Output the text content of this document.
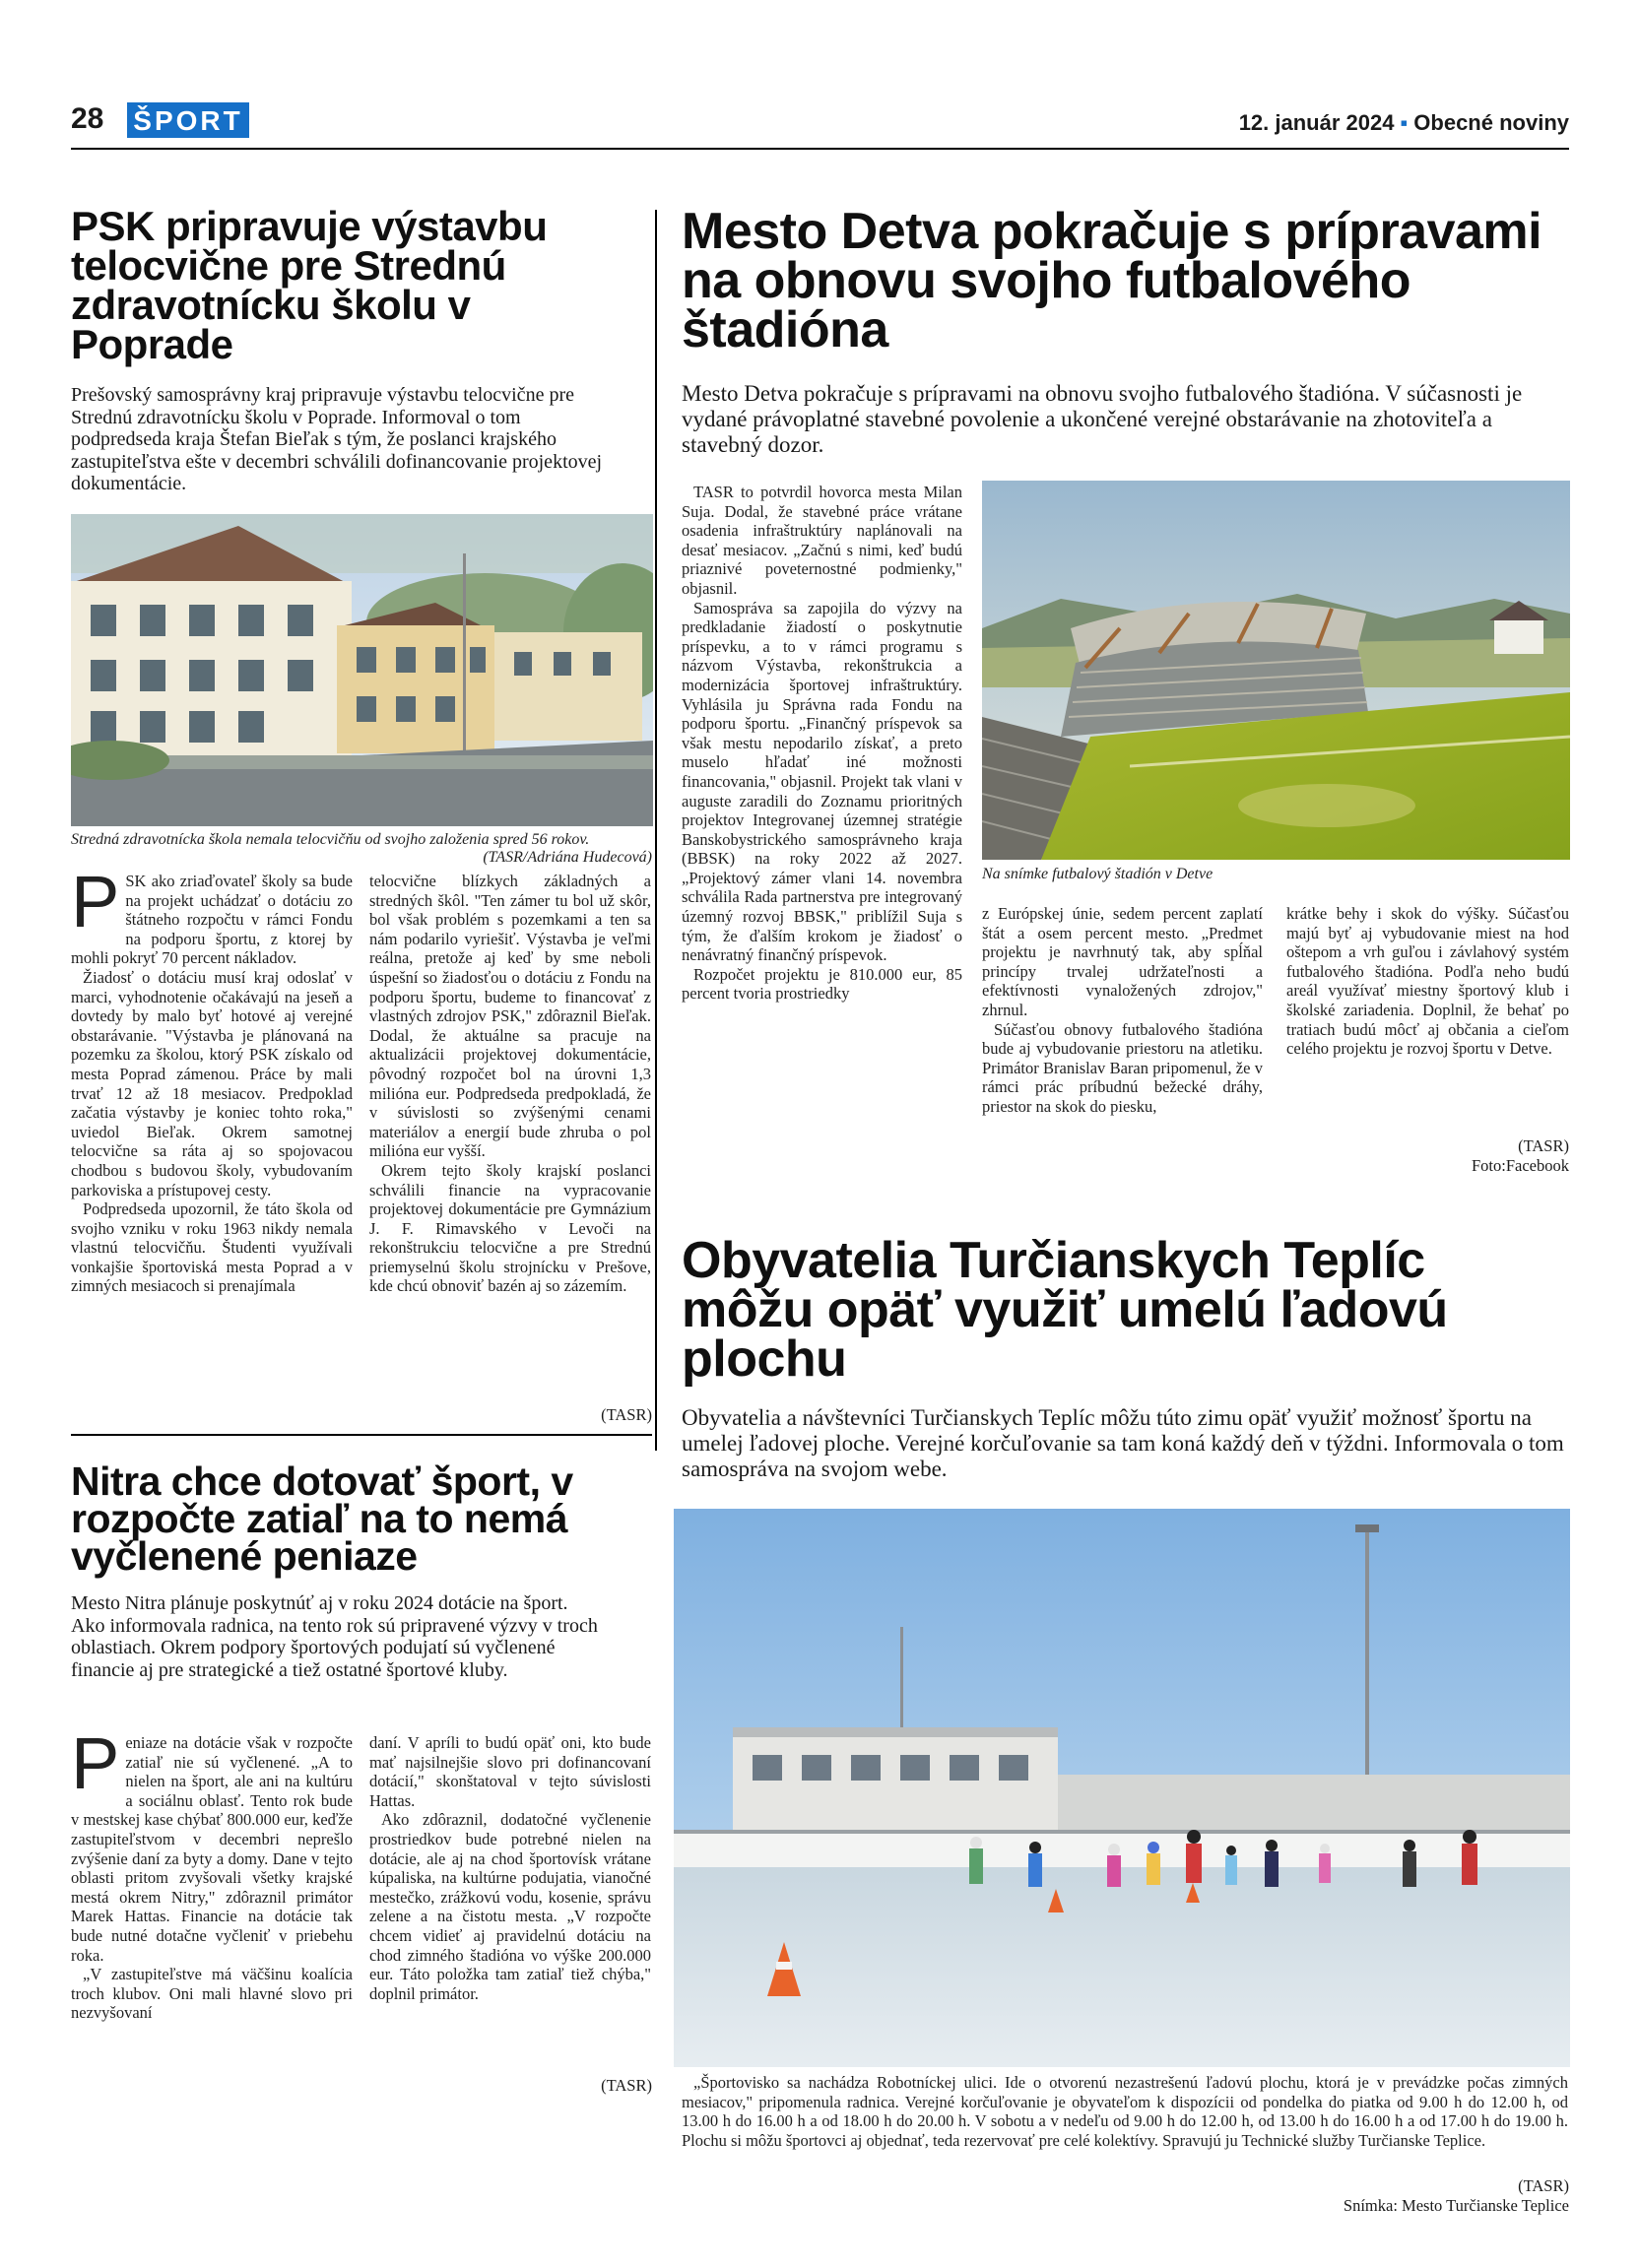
28 ŠPORT	12. január 2024 ▪ Obecné noviny
PSK pripravuje výstavbu telocvične pre Strednú zdravotnícku školu v Poprade
Prešovský samosprávny kraj pripravuje výstavbu telocvične pre Strednú zdravotnícku školu v Poprade. Informoval o tom podpredseda kraja Štefan Bieľak s tým, že poslanci krajského zastupiteľstva ešte v decembri schválili dofinancovanie projektovej dokumentácie.
Stredná zdravotnícka škola nemala telocvičňu od svojho založenia spred 56 rokov.
(TASR/Adriána Hudecová)
P SK ako zriaďovateľ školy sa bude na projekt uchádzať o dotáciu zo štátneho rozpočtu v rámci Fondu na podporu športu, z ktorej by mohli pokryť 70 percent nákladov.

Žiadosť o dotáciu musí kraj odoslať v marci, vyhodnotenie očakávajú na jeseň a dovtedy by malo byť hotové aj verejné obstarávanie. "Výstavba je plánovaná na pozemku za školou, ktorý PSK získalo od mesta Poprad zámenou. Práce by mali trvať 12 až 18 mesiacov. Predpoklad začatia výstavby je koniec tohto roka," uviedol Bieľak. Okrem samotnej telocvične sa ráta aj so spojovacou chodbou s budovou školy, vybudovaním parkoviska a prístupovej cesty.

Podpredseda upozornil, že táto škola od svojho vzniku v roku 1963 nikdy nemala vlastnú telocvičňu. Študenti využívali vonkajšie športoviská mesta Poprad a v zimných mesiacoch si prenajímala

telocvične blízkych základných a stredných škôl. "Ten zámer tu bol už skôr, bol však problém s pozemkami a ten sa nám podarilo vyriešiť. Výstavba je veľmi reálna, pretože aj keď by sme neboli úspešní so žiadosťou o dotáciu z Fondu na podporu športu, budeme to financovať z vlastných zdrojov PSK," zdôraznil Bieľak. Dodal, že aktuálne sa pracuje na aktualizácii projektovej dokumentácie, pôvodný rozpočet bol na úrovni 1,3 milióna eur. Podpredseda predpokladá, že v súvislosti so zvýšenými cenami materiálov a energií bude zhruba o pol milióna eur vyšší.

Okrem tejto školy krajskí poslanci schválili financie na vypracovanie projektovej dokumentácie pre Gymnázium J. F. Rimavského v Levoči na rekonštrukciu telocvične a pre Strednú priemyselnú školu strojnícku v Prešove, kde chcú obnoviť bazén aj so zázemím.

(TASR)
Nitra chce dotovať šport, v rozpočte zatiaľ na to nemá vyčlenené peniaze
Mesto Nitra plánuje poskytnúť aj v roku 2024 dotácie na šport. Ako informovala radnica, na tento rok sú pripravené výzvy v troch oblastiach. Okrem podpory športových podujatí sú vyčlenené financie aj pre strategické a tiež ostatné športové kluby.
P eniaze na dotácie však v rozpočte zatiaľ nie sú vyčlenené. „A to nielen na šport, ale ani na kultúru a sociálnu oblasť. Tento rok bude v mestskej kase chýbať 800.000 eur, keďže zastupiteľstvom v decembri neprešlo zvýšenie daní za byty a domy. Dane v tejto oblasti pritom zvyšovali všetky krajské mestá okrem Nitry," zdôraznil primátor Marek Hattas. Financie na dotácie tak bude nutné dotačne vyčleniť v priebehu roka.

„V zastupiteľstve má väčšinu koalícia troch klubov. Oni mali hlavné slovo pri nezvyšovaní

daní. V apríli to budú opäť oni, kto bude mať najsilnejšie slovo pri dofinancovaní dotácií," skonštatoval v tejto súvislosti Hattas.

Ako zdôraznil, dodatočné vyčlenenie prostriedkov bude potrebné nielen na dotácie, ale aj na chod športovísk vrátane kúpaliska, na kultúrne podujatia, vianočné mestečko, zrážkovú vodu, kosenie, správu zelene a na čistotu mesta. „V rozpočte chcem vidieť aj pravidelnú dotáciu na chod zimného štadióna vo výške 200.000 eur. Táto položka tam zatiaľ tiež chýba," doplnil primátor.

(TASR)
Mesto Detva pokračuje s prípravami na obnovu svojho futbalového štadióna
Mesto Detva pokračuje s prípravami na obnovu svojho futbalového štadióna. V súčasnosti je vydané právoplatné stavebné povolenie a ukončené verejné obstarávanie na zhotoviteľa a stavebný dozor.

TASR to potvrdil hovorca mesta Milan Suja. Dodal, že stavebné práce vrátane osadenia infraštruktúry naplánovali na desať mesiacov. „Začnú s nimi, keď budú priaznivé poveternostné podmienky," objasnil.

Samospráva sa zapojila do výzvy na predkladanie žiadostí o poskytnutie príspevku, a to v rámci programu s názvom Výstavba, rekonštrukcia a modernizácia športovej infraštruktúry. Vyhlásila ju Správna rada Fondu na podporu športu. „Finančný príspevok sa však mestu nepodarilo získať, a preto muselo hľadať iné možnosti financovania," objasnil. Projekt tak vlani v auguste zaradili do Zoznamu prioritných projektov Integrovanej územnej stratégie Banskobystrického samosprávneho kraja (BBSK) na roky 2022 až 2027. „Projektový zámer vlani 14. novembra schválila Rada partnerstva pre integrovaný územný rozvoj BBSK," priblížil Suja s tým, že ďalším krokom je žiadosť o nenávratný finančný príspevok.

Rozpočet projektu je 810.000 eur, 85 percent tvoria prostriedky

Na snímke futbalový štadión v Detve

z Európskej únie, sedem percent zaplatí štát a osem percent mesto. „Predmet projektu je navrhnutý tak, aby spĺňal princípy trvalej udržateľnosti a efektívnosti vynaložených zdrojov," zhrnul.

Súčasťou obnovy futbalového štadióna bude aj vybudovanie priestoru na atletiku. Primátor Branislav Baran pripomenul, že v rámci prác príbudnú bežecké dráhy, priestor na skok do piesku,

krátke behy i skok do výšky. Súčasťou majú byť aj vybudovanie miest na hod oštepom a vrh guľou i závlahový systém futbalového štadióna. Podľa neho budú areál využívať miestny športový klub i školské zariadenia. Doplnil, že behať po tratiach budú môcť aj občania a cieľom celého projektu je rozvoj športu v Detve.

(TASR)
Foto:Facebook
Obyvatelia Turčianskych Teplíc môžu opäť využiť umelú ľadovú plochu
Obyvatelia a návštevníci Turčianskych Teplíc môžu túto zimu opäť využiť možnosť športu na umelej ľadovej ploche. Verejné korčuľovanie sa tam koná každý deň v týždni. Informovala o tom samospráva na svojom webe.

„Športovisko sa nachádza Robotníckej ulici. Ide o otvorenú nezastrešenú ľadovú plochu, ktorá je v prevádzke počas zimných mesiacov," pripomenula radnica. Verejné korčuľovanie je obyvateľom k dispozícii od pondelka do piatka od 9.00 h do 12.00 h, od 13.00 h do 16.00 h a od 18.00 h do 20.00 h. V sobotu a v nedeľu od 9.00 h do 12.00 h, od 13.00 h do 16.00 h a od 17.00 h do 19.00 h. Plochu si môžu športovci aj objednať, teda rezervovať pre celé kolektívy. Spravujú ju Technické služby Turčianske Teplice.

(TASR)
Snímka: Mesto Turčianske Teplice
